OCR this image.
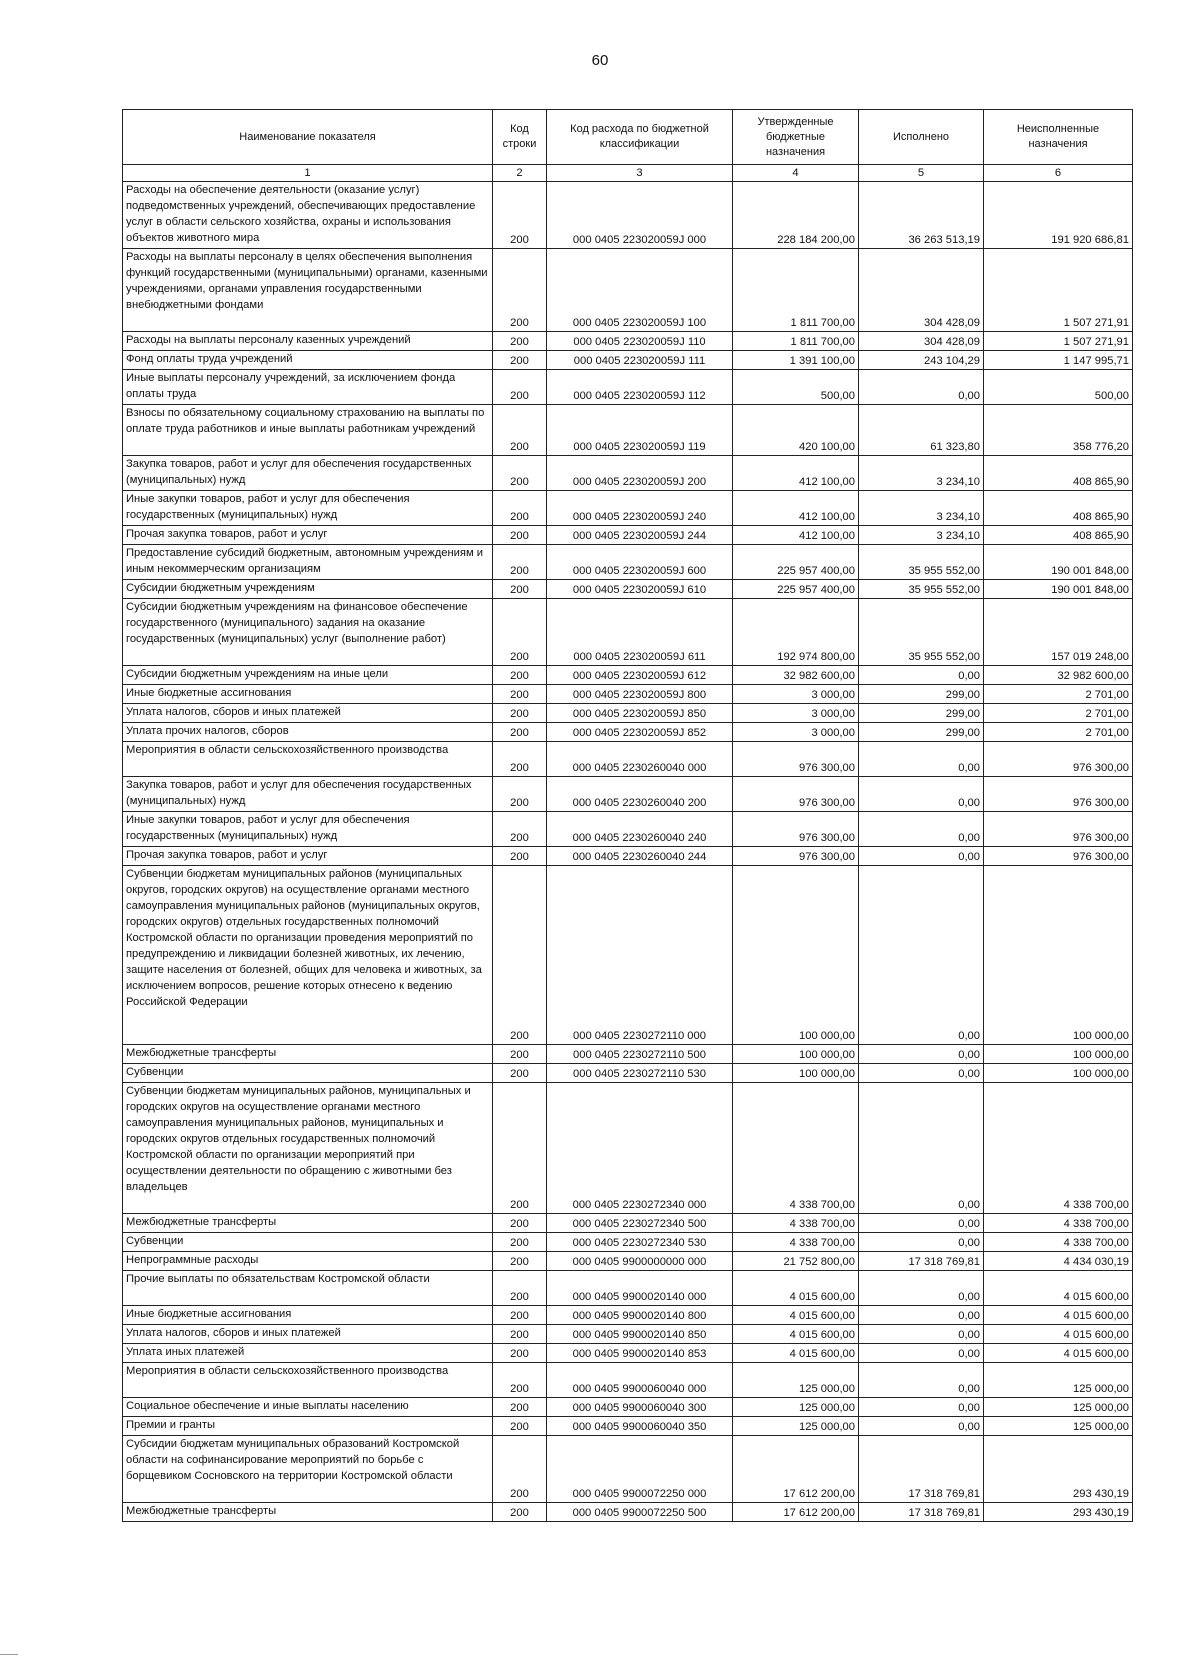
60
Наименование показателя	Код строки	Код расхода по бюджетной классификации	Утвержденные бюджетные назначения	Исполнено	Неисполненные назначения
1	2	3	4	5	6
Расходы на обеспечение деятельности (оказание услуг) подведомственных учреждений, обеспечивающих предоставление услуг в области сельского хозяйства, охраны и использования объектов животного мира	200	000 0405 223020059J 000	228 184 200,00	36 263 513,19	191 920 686,81
Расходы на выплаты персоналу в целях обеспечения выполнения функций государственными (муниципальными) органами, казенными учреждениями, органами управления государственными внебюджетными фондами	200	000 0405 223020059J 100	1 811 700,00	304 428,09	1 507 271,91
Расходы на выплаты персоналу казенных учреждений	200	000 0405 223020059J 110	1 811 700,00	304 428,09	1 507 271,91
Фонд оплаты труда учреждений	200	000 0405 223020059J 111	1 391 100,00	243 104,29	1 147 995,71
Иные выплаты персоналу учреждений, за исключением фонда оплаты труда	200	000 0405 223020059J 112	500,00	0,00	500,00
Взносы по обязательному социальному страхованию на выплаты по оплате труда работников и иные выплаты работникам учреждений	200	000 0405 223020059J 119	420 100,00	61 323,80	358 776,20
Закупка товаров, работ и услуг для обеспечения государственных (муниципальных) нужд	200	000 0405 223020059J 200	412 100,00	3 234,10	408 865,90
Иные закупки товаров, работ и услуг для обеспечения государственных (муниципальных) нужд	200	000 0405 223020059J 240	412 100,00	3 234,10	408 865,90
Прочая закупка товаров, работ и услуг	200	000 0405 223020059J 244	412 100,00	3 234,10	408 865,90
Предоставление субсидий бюджетным, автономным учреждениям и иным некоммерческим организациям	200	000 0405 223020059J 600	225 957 400,00	35 955 552,00	190 001 848,00
Субсидии бюджетным учреждениям	200	000 0405 223020059J 610	225 957 400,00	35 955 552,00	190 001 848,00
Субсидии бюджетным учреждениям на финансовое обеспечение государственного (муниципального) задания на оказание государственных (муниципальных) услуг (выполнение работ)	200	000 0405 223020059J 611	192 974 800,00	35 955 552,00	157 019 248,00
Субсидии бюджетным учреждениям на иные цели	200	000 0405 223020059J 612	32 982 600,00	0,00	32 982 600,00
Иные бюджетные ассигнования	200	000 0405 223020059J 800	3 000,00	299,00	2 701,00
Уплата налогов, сборов и иных платежей	200	000 0405 223020059J 850	3 000,00	299,00	2 701,00
Уплата прочих налогов, сборов	200	000 0405 223020059J 852	3 000,00	299,00	2 701,00
Мероприятия в области сельскохозяйственного производства	200	000 0405 2230260040 000	976 300,00	0,00	976 300,00
Закупка товаров, работ и услуг для обеспечения государственных (муниципальных) нужд	200	000 0405 2230260040 200	976 300,00	0,00	976 300,00
Иные закупки товаров, работ и услуг для обеспечения государственных (муниципальных) нужд	200	000 0405 2230260040 240	976 300,00	0,00	976 300,00
Прочая закупка товаров, работ и услуг	200	000 0405 2230260040 244	976 300,00	0,00	976 300,00
Субвенции бюджетам муниципальных районов (муниципальных округов, городских округов) на осуществление органами местного самоуправления муниципальных районов (муниципальных округов, городских округов) отдельных государственных полномочий Костромской области по организации проведения мероприятий по предупреждению и ликвидации болезней животных, их лечению, защите населения от болезней, общих для человека и животных, за исключением вопросов, решение которых отнесено к ведению Российской Федерации	200	000 0405 2230272110 000	100 000,00	0,00	100 000,00
Межбюджетные трансферты	200	000 0405 2230272110 500	100 000,00	0,00	100 000,00
Субвенции	200	000 0405 2230272110 530	100 000,00	0,00	100 000,00
Субвенции бюджетам муниципальных районов, муниципальных и городских округов на осуществление органами местного самоуправления муниципальных районов, муниципальных и городских округов отдельных государственных полномочий Костромской области по организации мероприятий при осуществлении деятельности по обращению с животными без владельцев	200	000 0405 2230272340 000	4 338 700,00	0,00	4 338 700,00
Межбюджетные трансферты	200	000 0405 2230272340 500	4 338 700,00	0,00	4 338 700,00
Субвенции	200	000 0405 2230272340 530	4 338 700,00	0,00	4 338 700,00
Непрограммные расходы	200	000 0405 9900000000 000	21 752 800,00	17 318 769,81	4 434 030,19
Прочие выплаты по обязательствам Костромской области	200	000 0405 9900020140 000	4 015 600,00	0,00	4 015 600,00
Иные бюджетные ассигнования	200	000 0405 9900020140 800	4 015 600,00	0,00	4 015 600,00
Уплата налогов, сборов и иных платежей	200	000 0405 9900020140 850	4 015 600,00	0,00	4 015 600,00
Уплата иных платежей	200	000 0405 9900020140 853	4 015 600,00	0,00	4 015 600,00
Мероприятия в области сельскохозяйственного производства	200	000 0405 9900060040 000	125 000,00	0,00	125 000,00
Социальное обеспечение и иные выплаты населению	200	000 0405 9900060040 300	125 000,00	0,00	125 000,00
Премии и гранты	200	000 0405 9900060040 350	125 000,00	0,00	125 000,00
Субсидии бюджетам муниципальных образований Костромской области на софинансирование мероприятий по борьбе с борщевиком Сосновского на территории Костромской области	200	000 0405 9900072250 000	17 612 200,00	17 318 769,81	293 430,19
Межбюджетные трансферты	200	000 0405 9900072250 500	17 612 200,00	17 318 769,81	293 430,19
